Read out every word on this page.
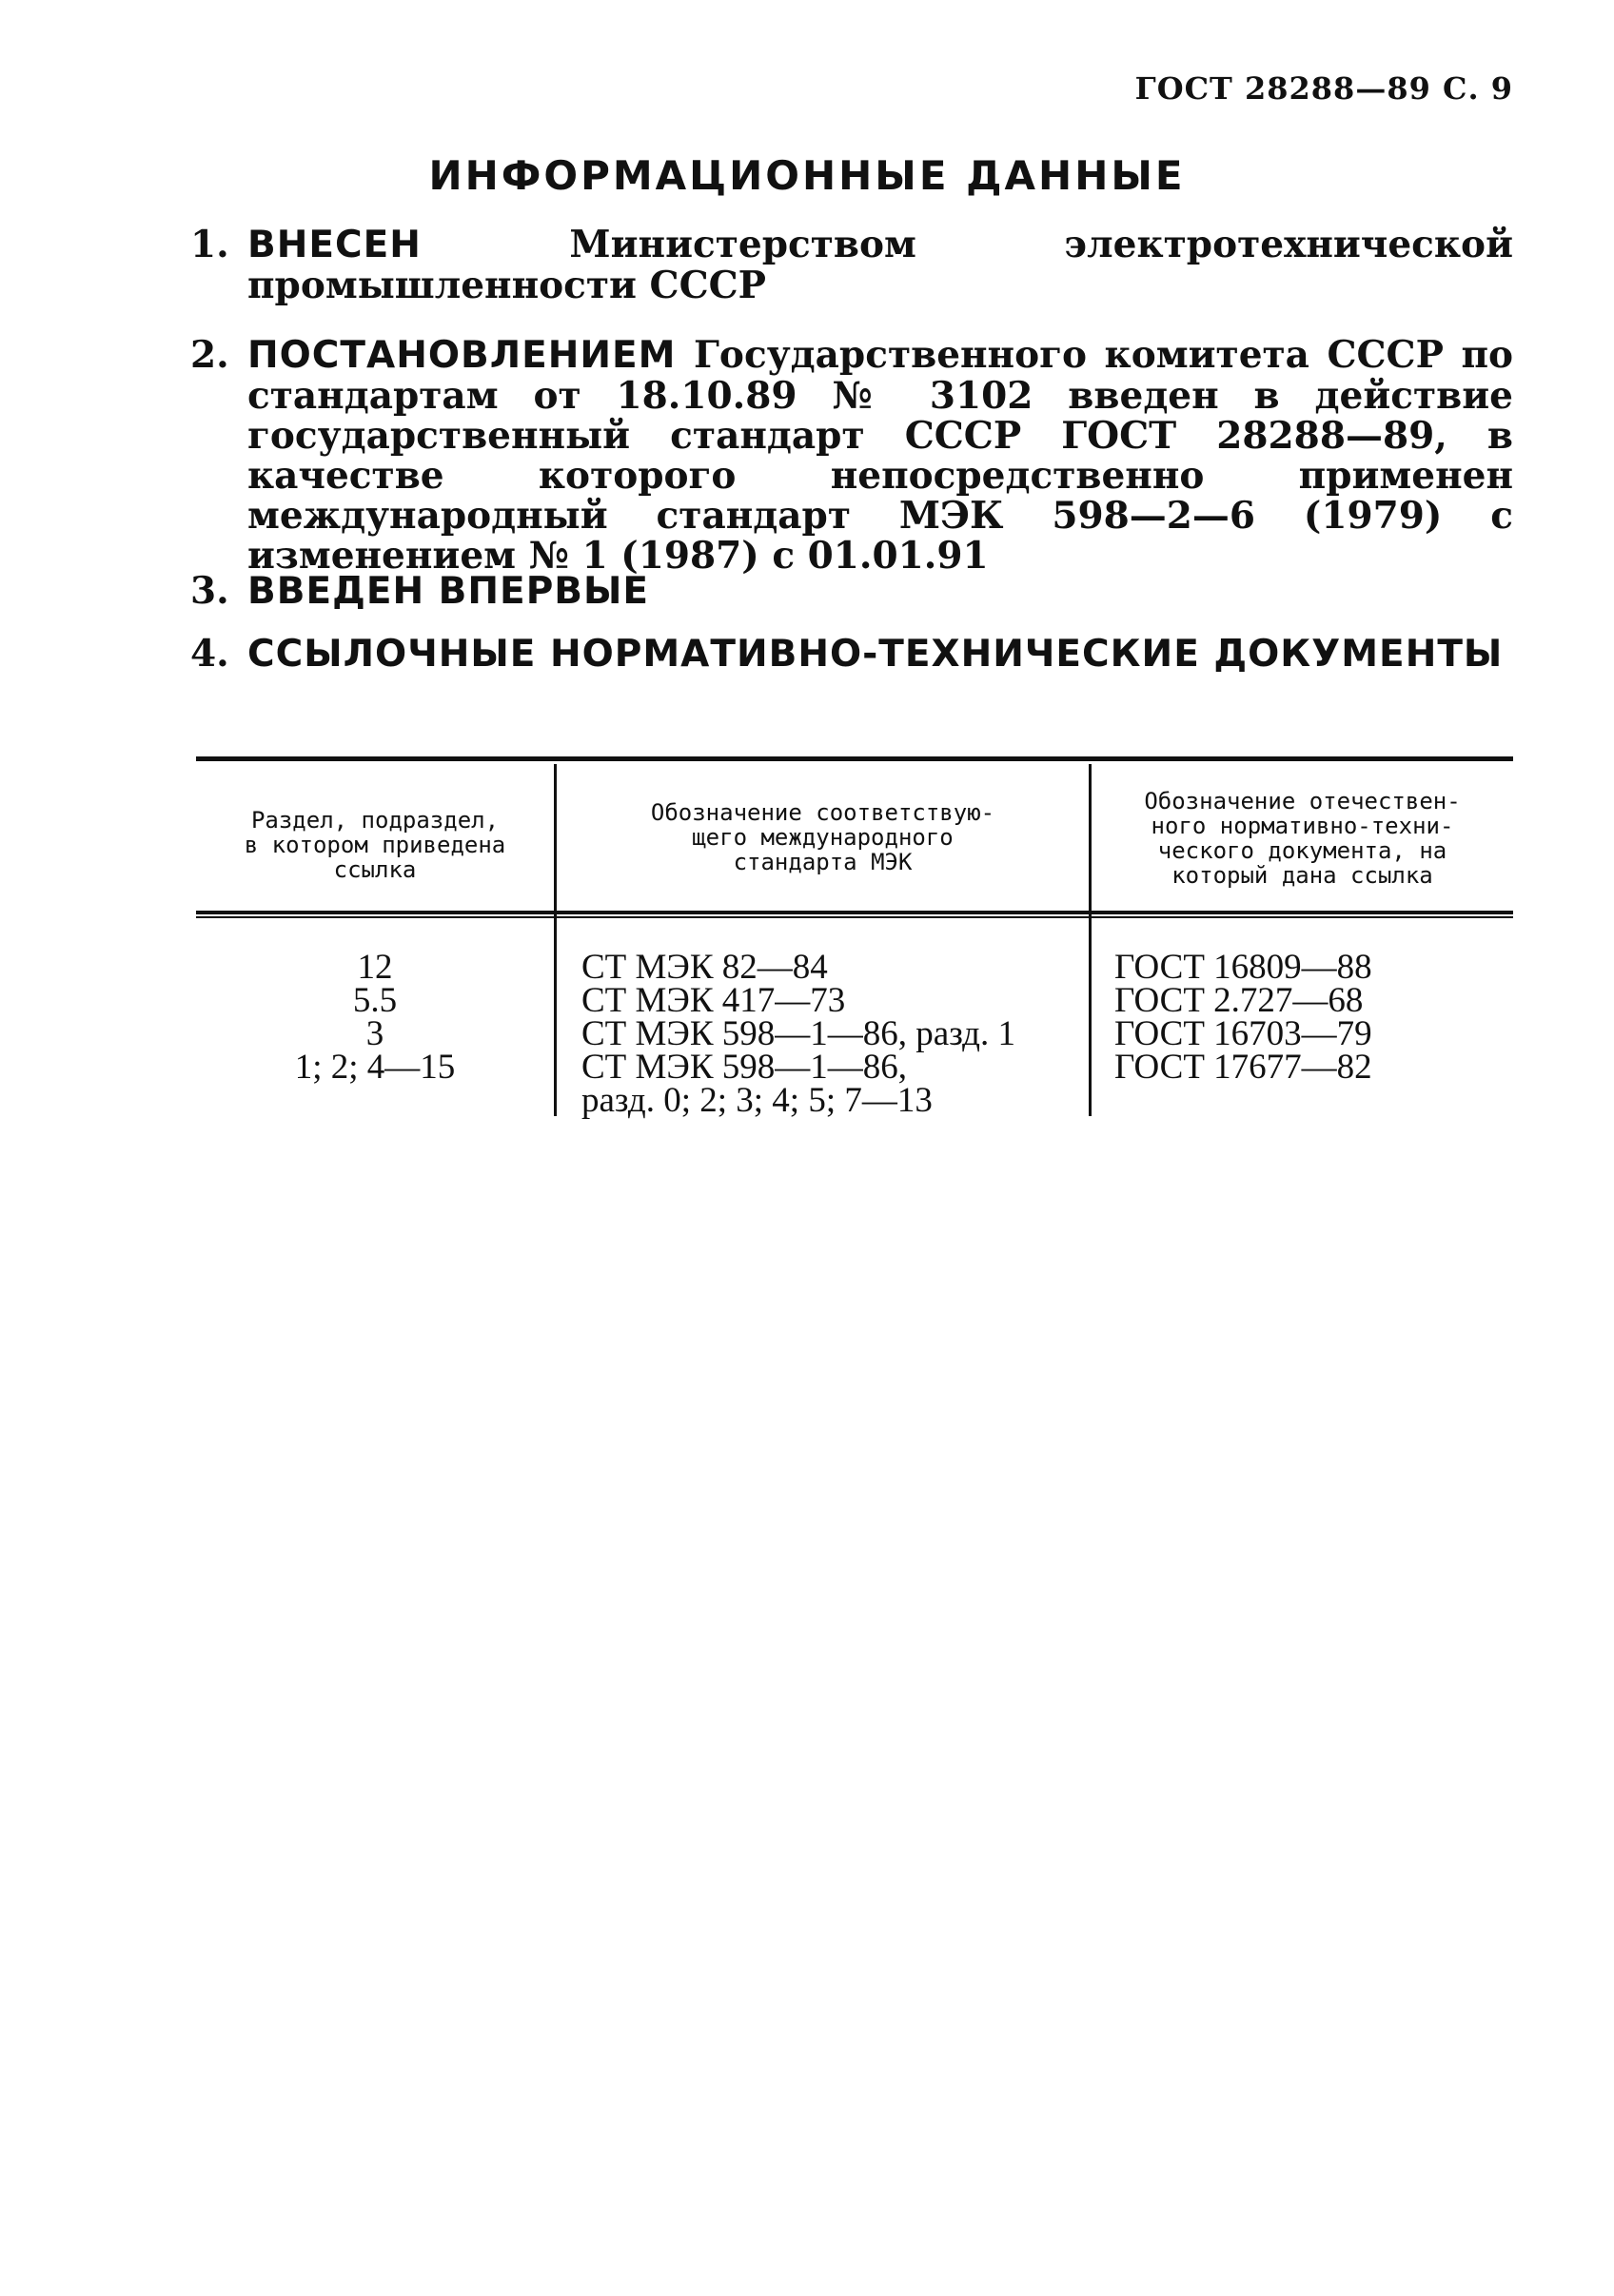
ГОСТ 28288—89 С. 9
ИНФОРМАЦИОННЫЕ ДАННЫЕ
1. ВНЕСЕН Министерством электротехнической промышленности СССР
2. ПОСТАНОВЛЕНИЕМ Государственного комитета СССР по стандартам от 18.10.89 № 3102 введен в действие государственный стандарт СССР ГОСТ 28288—89, в качестве которого непосредственно применен международный стандарт МЭК 598—2—6 (1979) с изменением № 1 (1987) с 01.01.91
3. ВВЕДЕН ВПЕРВЫЕ
4. ССЫЛОЧНЫЕ НОРМАТИВНО-ТЕХНИЧЕСКИЕ ДОКУМЕНТЫ
Раздел, подраздел,
в котором приведена
ссылка
Обозначение соответствую-
щего международного
стандарта МЭК
Обозначение отечествен-
ного нормативно-техни-
ческого документа, на
который дана ссылка
12
5.5
3
1; 2; 4—15
СТ МЭК 82—84
СТ МЭК 417—73
СТ МЭК 598—1—86, разд. 1
СТ МЭК 598—1—86,
разд. 0; 2; 3; 4; 5; 7—13
ГОСТ 16809—88
ГОСТ 2.727—68
ГОСТ 16703—79
ГОСТ 17677—82
